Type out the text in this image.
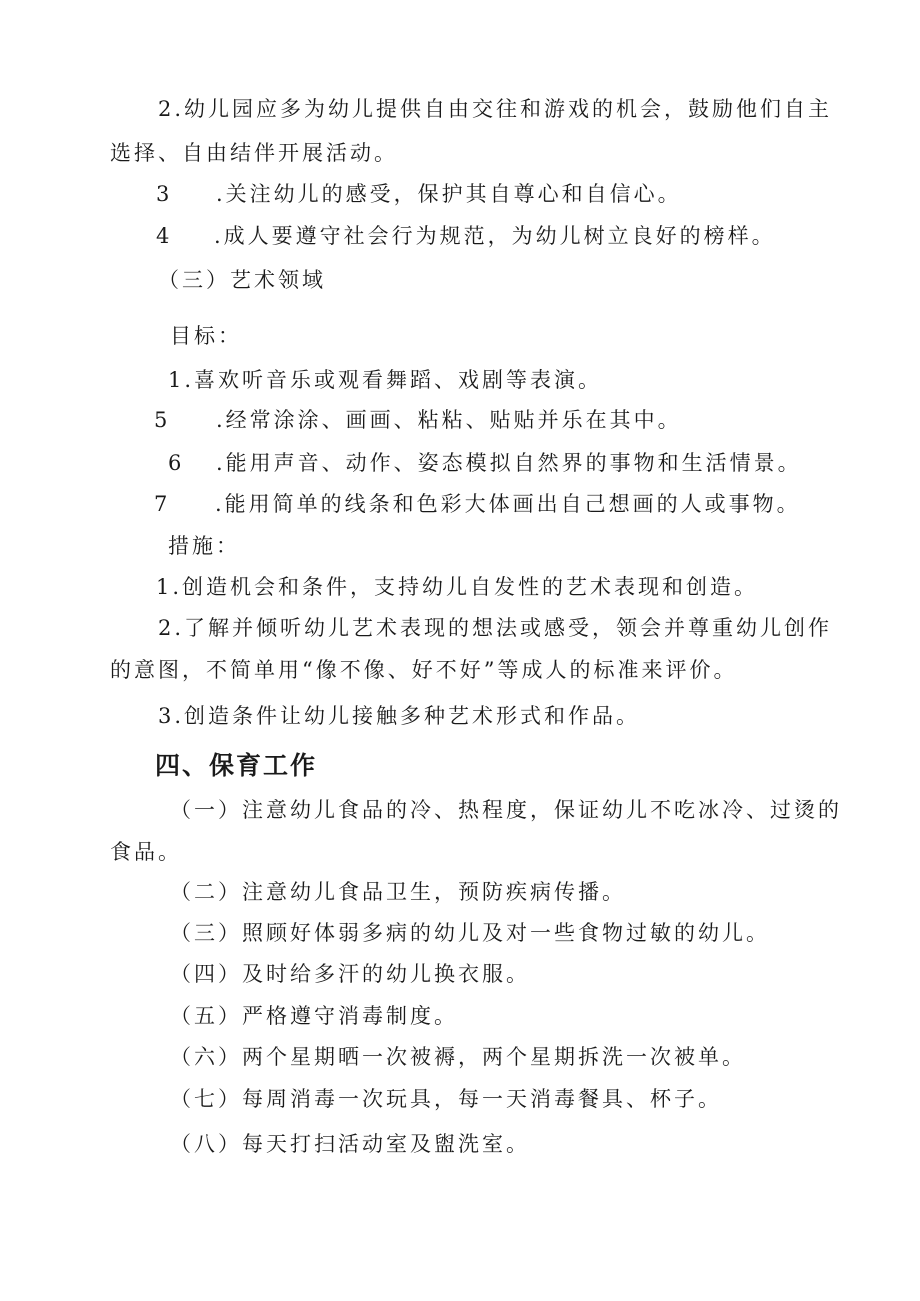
2.幼儿园应多为幼儿提供自由交往和游戏的机会，鼓励他们自主
选择、自由结伴开展活动。
3 .关注幼儿的感受，保护其自尊心和自信心。
4 .成人要遵守社会行为规范，为幼儿树立良好的榜样。
（三）艺术领域
目标：
1.喜欢听音乐或观看舞蹈、戏剧等表演。
5 .经常涂涂、画画、粘粘、贴贴并乐在其中。
6 .能用声音、动作、姿态模拟自然界的事物和生活情景。
7 .能用简单的线条和色彩大体画出自己想画的人或事物。
措施：
1.创造机会和条件，支持幼儿自发性的艺术表现和创造。
2.了解并倾听幼儿艺术表现的想法或感受，领会并尊重幼儿创作
的意图，不简单用“像不像、好不好”等成人的标准来评价。
3.创造条件让幼儿接触多种艺术形式和作品。
四、保育工作
（一）注意幼儿食品的冷、热程度，保证幼儿不吃冰冷、过烫的
食品。
（二）注意幼儿食品卫生，预防疾病传播。
（三）照顾好体弱多病的幼儿及对一些食物过敏的幼儿。
（四）及时给多汗的幼儿换衣服。
（五）严格遵守消毒制度。
（六）两个星期晒一次被褥，两个星期拆洗一次被单。
（七）每周消毒一次玩具，每一天消毒餐具、杯子。
（八）每天打扫活动室及盥洗室。
